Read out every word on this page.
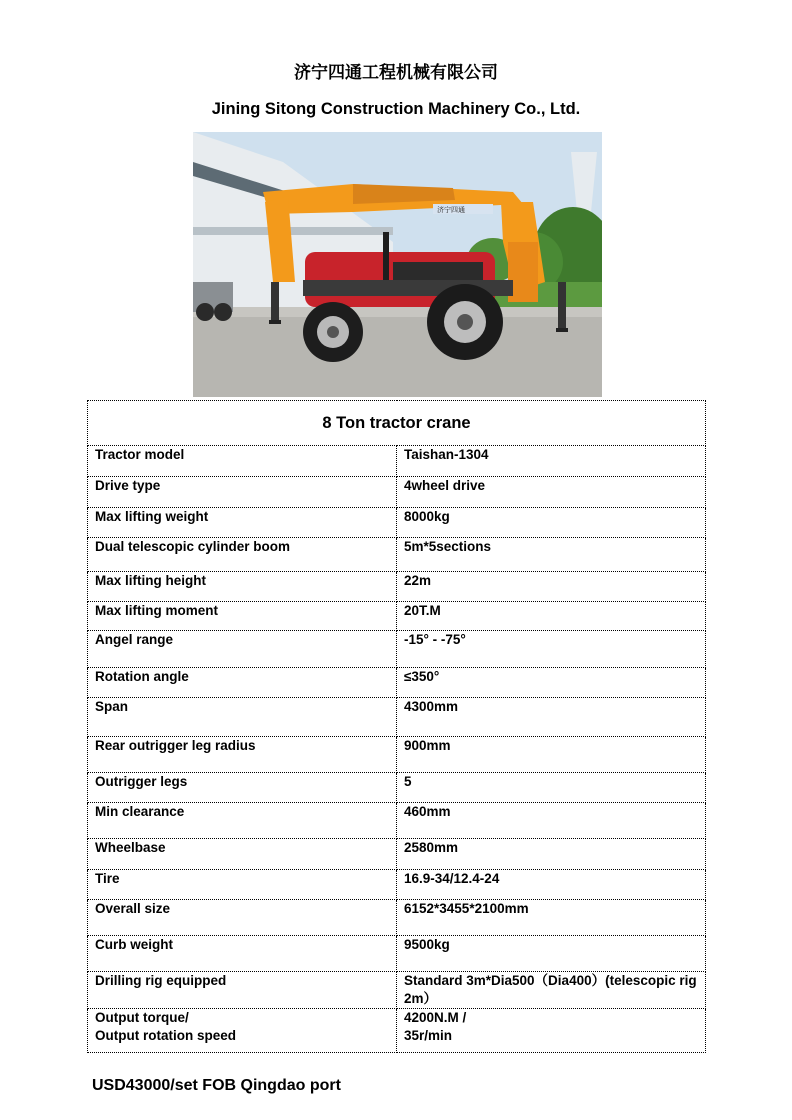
济宁四通工程机械有限公司
Jining Sitong Construction Machinery Co., Ltd.
济宁四通
8 Ton tractor crane	
Tractor model	Taishan-1304
Drive type	4wheel drive
Max lifting weight	8000kg
Dual telescopic cylinder boom	5m*5sections
Max lifting height	22m
Max lifting moment	20T.M
Angel range	-15° - -75°
Rotation angle	≤350°
Span	4300mm
Rear outrigger leg radius	900mm
Outrigger legs	5
Min clearance	460mm
Wheelbase	2580mm
Tire	16.9-34/12.4-24
Overall size	6152*3455*2100mm
Curb weight	9500kg
Drilling rig equipped	Standard 3m*Dia500（Dia400）(telescopic rig 2m）

Output torque/
Output rotation speed	4200N.M /
35r/min
USD43000/set FOB Qingdao port
